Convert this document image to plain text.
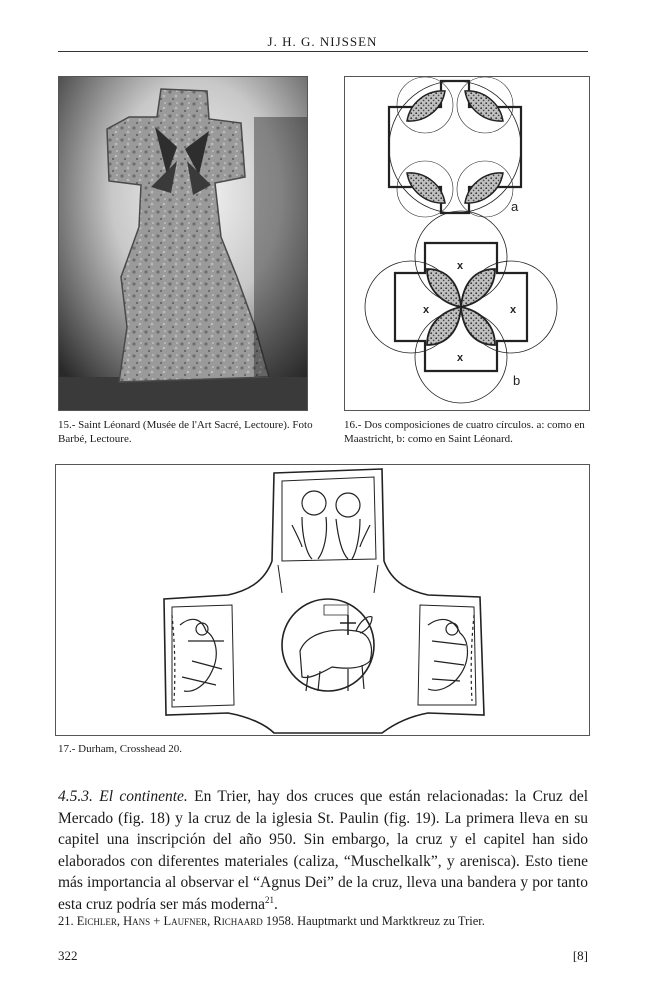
J. H. G. NIJSSEN
a
x
x	x
x
b
15.- Saint Léonard (Musée de l'Art Sacré, Lectoure). Foto Barbé, Lectoure.
16.- Dos composiciones de cuatro círculos. a: como en Maastricht, b: como en Saint Léonard.
17.- Durham, Crosshead 20.
4.5.3. El continente. En Trier, hay dos cruces que están relacionadas: la Cruz del Mercado (fig. 18) y la cruz de la iglesia St. Paulin (fig. 19). La primera lleva en su capitel una inscripción del año 950. Sin embargo, la cruz y el capitel han sido elaborados con diferentes materiales (caliza, “Muschelkalk”, y arenisca). Esto tiene más importancia al observar el “Agnus Dei” de la cruz, lleva una bandera y por tanto esta cruz podría ser más moderna$^{21}$.
21. Eichler, Hans + Laufner, Richaard 1958. Hauptmarkt und Marktkreuz zu Trier.
322	[8]
